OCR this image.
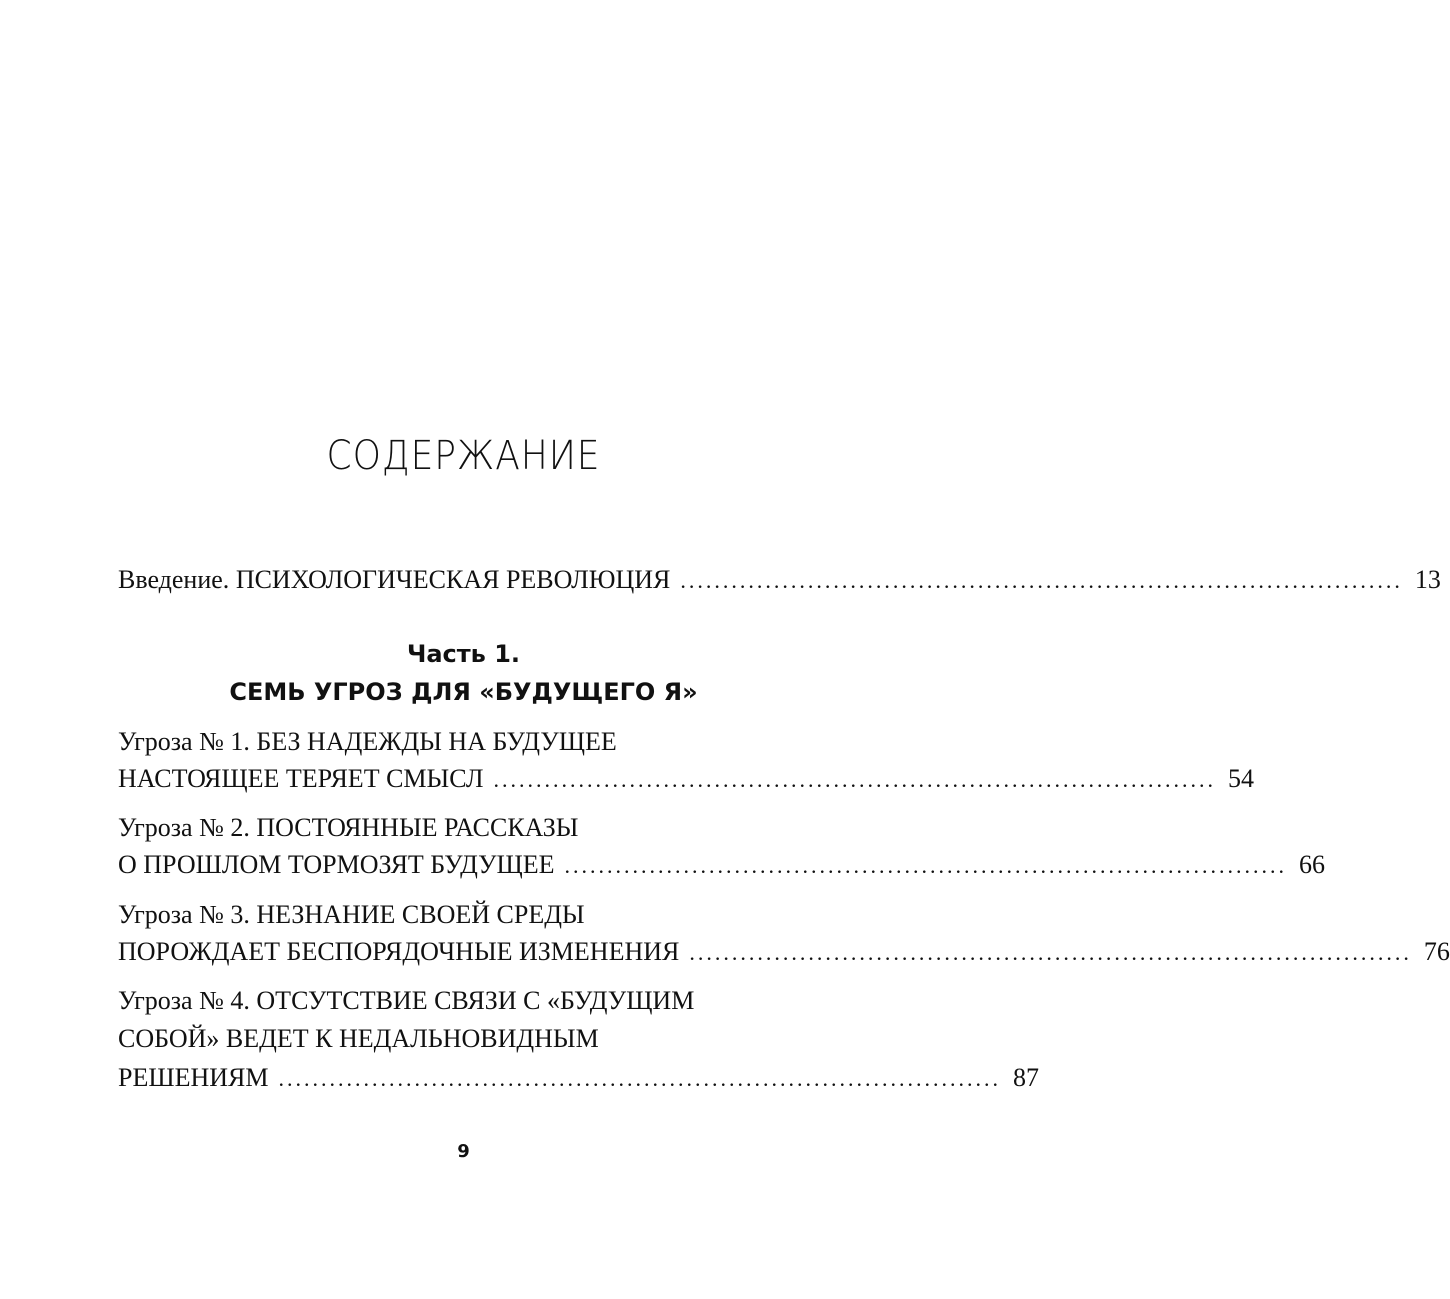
СОДЕРЖАНИЕ
Введение. ПСИХОЛОГИЧЕСКАЯ РЕВОЛЮЦИЯ ..................................................................................... 13
Часть 1.
СЕМЬ УГРОЗ ДЛЯ «БУДУЩЕГО Я»
Угроза № 1. БЕЗ НАДЕЖДЫ НА БУДУЩЕЕ
НАСТОЯЩЕЕ ТЕРЯЕТ СМЫСЛ ..................................................................................... 54
Угроза № 2. ПОСТОЯННЫЕ РАССКАЗЫ
О ПРОШЛОМ ТОРМОЗЯТ БУДУЩЕЕ ..................................................................................... 66
Угроза № 3. НЕЗНАНИЕ СВОЕЙ СРЕДЫ
ПОРОЖДАЕТ БЕСПОРЯДОЧНЫЕ ИЗМЕНЕНИЯ ..................................................................................... 76
Угроза № 4. ОТСУТСТВИЕ СВЯЗИ С «БУДУЩИМ
СОБОЙ» ВЕДЕТ К НЕДАЛЬНОВИДНЫМ
РЕШЕНИЯМ ..................................................................................... 87
9
